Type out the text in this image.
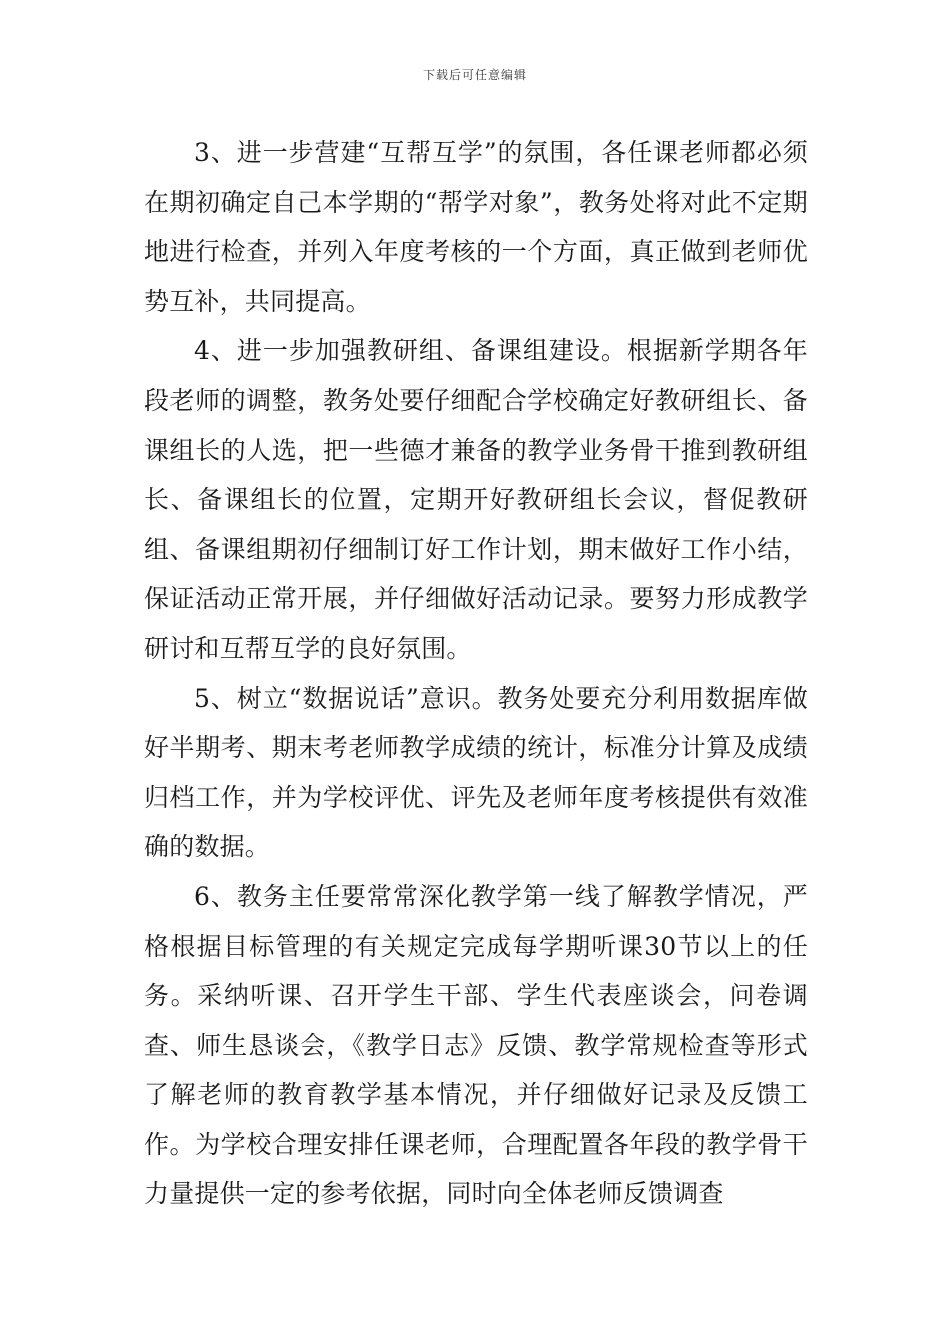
下载后可任意编辑

3、进一步营建“互帮互学”的氛围，各任课老师都必须在期初确定自己本学期的“帮学对象”，教务处将对此不定期地进行检查，并列入年度考核的一个方面，真正做到老师优势互补，共同提高。

4、进一步加强教研组、备课组建设。根据新学期各年段老师的调整，教务处要仔细配合学校确定好教研组长、备课组长的人选，把一些德才兼备的教学业务骨干推到教研组长、备课组长的位置，定期开好教研组长会议，督促教研组、备课组期初仔细制订好工作计划，期末做好工作小结，保证活动正常开展，并仔细做好活动记录。要努力形成教学研讨和互帮互学的良好氛围。

5、树立“数据说话”意识。教务处要充分利用数据库做好半期考、期末考老师教学成绩的统计，标准分计算及成绩归档工作，并为学校评优、评先及老师年度考核提供有效准确的数据。

6、教务主任要常常深化教学第一线了解教学情况，严格根据目标管理的有关规定完成每学期听课30节以上的任务。采纳听课、召开学生干部、学生代表座谈会，问卷调查、师生恳谈会，《教学日志》反馈、教学常规检查等形式了解老师的教育教学基本情况，并仔细做好记录及反馈工作。为学校合理安排任课老师，合理配置各年段的教学骨干力量提供一定的参考依据，同时向全体老师反馈调查
